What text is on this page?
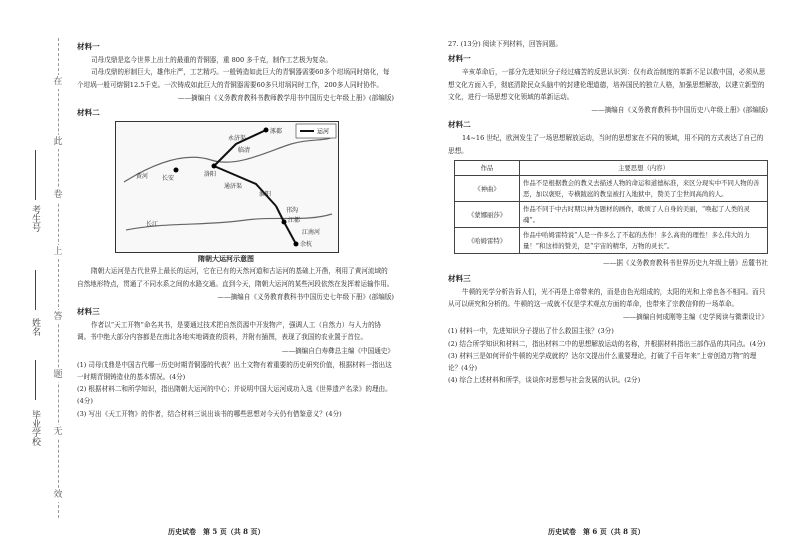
在
此
卷
上
答
题
无
效
考生号
姓名
毕业学校
材料一

司母戊鼎是迄今世界上出土的最重的青铜器，重 800 多千克，制作工艺极为复杂。

司母戊鼎的形制巨大，雄伟庄严，工艺精巧。一般铸造如此巨大的青铜器需要60多个坩埚同时熔化，每个坩埚一般可熔铜12.5千克。一次铸成如此巨大的青铜器需要60多只坩埚同时工作，200多人同时协作。

——摘编自《义务教育教科书教师教学用书中国历史七年级上册》(部编版)
材料二
涿郡
临清
洛阳
淮阳
江都
余杭
长安
通济渠
永济渠
邗沟
江南河
黄河
长江
运河
隋朝大运河示意图

隋朝大运河是古代世界上最长的运河，它在已有的天然河道和古运河的基础上开凿，利用了黄河流域的自然地形特点，贯通了不同水系之间的水路交通。直到今天，隋朝大运河的某些河段依然在发挥着运输作用。

——摘编自《义务教育教科书中国历史七年级下册》(部编版)
材料三

作者以“天工开物”命名其书，是要通过技术把自然资源中开发物产，强调人工（自然力）与人力的协调。书中绝大部分内容都是在南北各地实地调查的资料，并附有插图，表现了我国的农业置于首位。

——摘编自白寿彝总主编《中国通史》

(1) 司母戊鼎是中国古代哪一历史时期青铜器的代表？出土文物有着重要的历史研究价值，根据材料一指出这一时期青铜铸造业的基本情况。(4分)

(2) 根据材料二和所学知识，指出隋朝大运河的中心；并说明中国大运河成功入选《世界遗产名录》的理由。(4分)

(3) 写出《天工开物》的作者，结合材料三说出该书的哪些思想对今天仍有借鉴意义？(4分)

历史试卷　第 5 页（共 8 页）

27. (13分) 阅读下列材料，回答问题。

材料一

辛亥革命后，一部分先进知识分子经过痛苦的反思认识到：仅有政治制度的革新不足以救中国，必须从思想文化方面入手，彻底清除民众头脑中的封建伦理道德，培养国民的独立人格，加强思想解放，以建立新型的文化，进行一场思想文化领域的革新运动。

——摘编自《义务教育教科书中国历史八年级上册》(部编版)
材料二

14~16 世纪，欧洲发生了一场思想解放运动，当时的思想家在不同的领域，用不同的方式表达了自己的思想。

作品	主要思想（内容）
《神曲》	作品不是根据教会的教义去描述人物的命运和道德标准，来区分现实中不同人物的善恶，加以褒贬，专横跋扈的教皇被打入地狱中，赞美了尘世间高尚的人。
《蒙娜丽莎》	作品不同于中古时期以神为题材的画作，歌颂了人自身的美丽，“唤起了人类的灵魂”。
《哈姆雷特》	作品中哈姆雷特说“人是一件多么了不起的杰作！多么高贵的理性！多么伟大的力量！”和这样的赞美，是“宇宙的精华，万物的灵长”。
——据《义务教育教科书世界历史九年级上册》岳麓书社
材料三

牛顿的光学分析告诉人们，光不再是上帝带来的，而是由色光组成的，太阳的光和上帝也各不相同。而只从可以研究和分析的。牛顿的这一成就不仅是学术观点方面的革命，也带来了宗教信仰的一场革命。

——摘编自何成刚等主编《史学阅读与微课设计》

(1) 材料一中，先进知识分子提出了什么救国主张？(3分)

(2) 结合所学知识和材料二，指出材料二中的思想解放运动的名称，并根据材料指出三部作品的共同点。(4分)

(3) 材料三是如何评价牛顿的光学成就的？达尔文提出什么重要理论，打破了千百年来“上帝创造万物”的理论？(4分)

(4) 综合上述材料和所学，谈谈你对思想与社会发展的认识。(2分)

历史试卷　第 6 页（共 8 页）
